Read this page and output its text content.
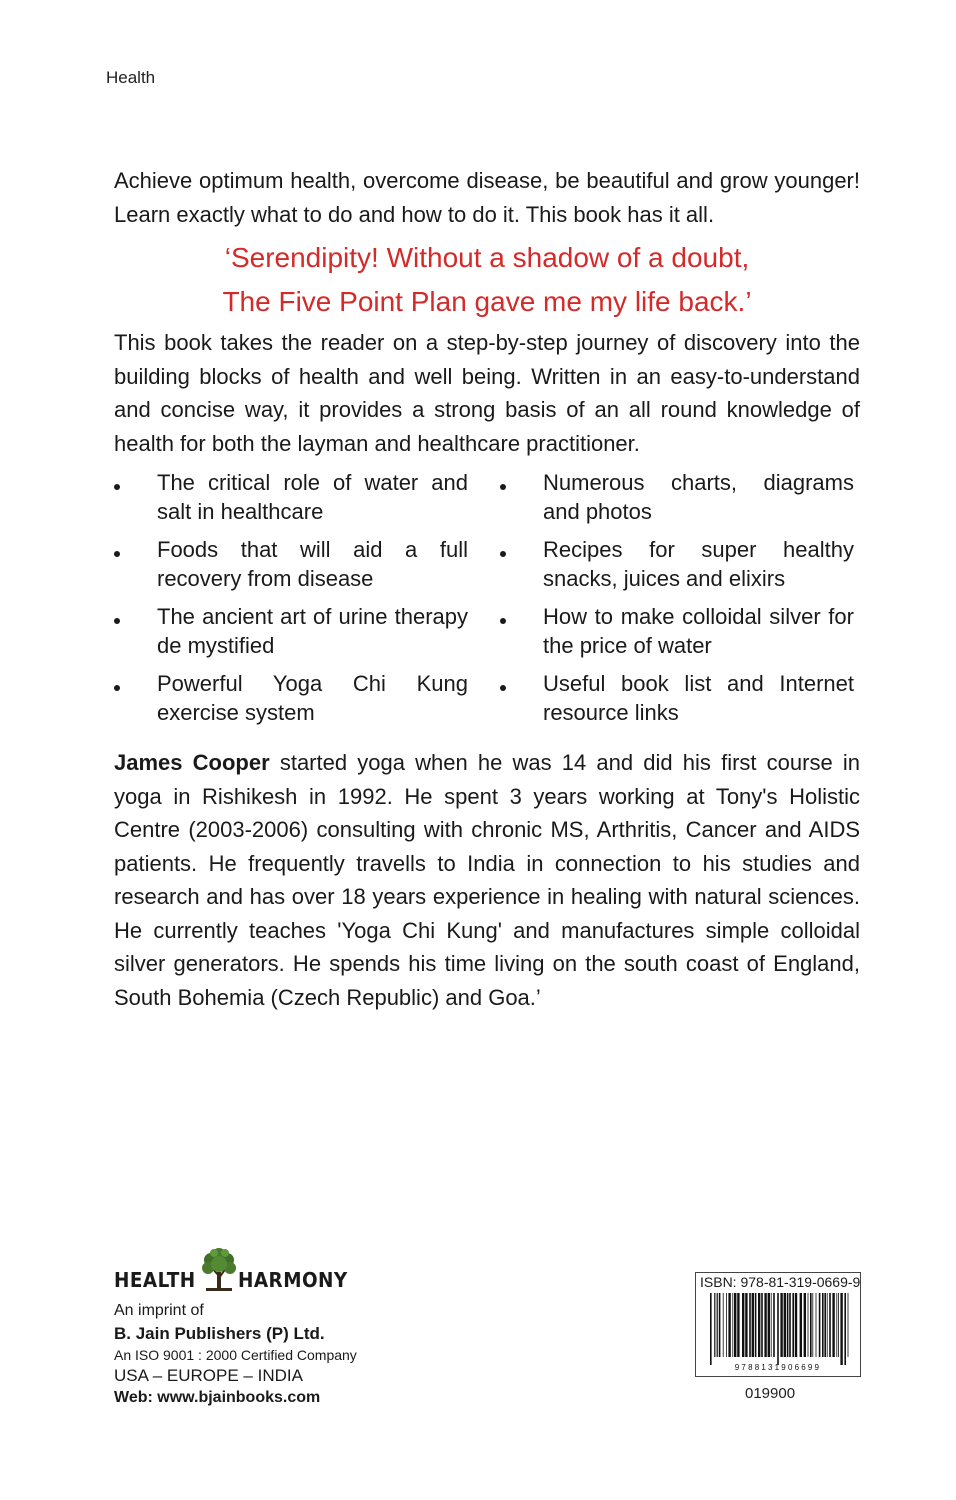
Health
Achieve optimum health, overcome disease, be beautiful and grow younger! Learn exactly what to do and how to do it. This book has it all.
‘Serendipity! Without a shadow of a doubt,
The Five Point Plan gave me my life back.’
This book takes the reader on a step-by-step journey of discovery into the building blocks of health and well being. Written in an easy-to-understand and concise way, it provides a strong basis of an all round knowledge of health for both the layman and healthcare practitioner.
The critical role of water and salt in healthcare
Numerous charts, diagrams and photos
Foods that will aid a full recovery from disease
Recipes for super healthy snacks, juices and elixirs
The ancient art of urine therapy de mystified
How to make colloidal silver for the price of water
Powerful Yoga Chi Kung exercise system
Useful book list and Internet resource links
James Cooper started yoga when he was 14 and did his first course in yoga in Rishikesh in 1992. He spent 3 years working at Tony's Holistic Centre (2003-2006) consulting with chronic MS, Arthritis, Cancer and AIDS patients. He frequently travells to India in connection to his studies and research and has over 18 years experience in healing with natural sciences. He currently teaches 'Yoga Chi Kung' and manufactures simple colloidal silver generators. He spends his time living on the south coast of England, South Bohemia (Czech Republic) and Goa.’
HEALTH HARMONY
An imprint of
B. Jain Publishers (P) Ltd.
An ISO 9001 : 2000 Certified Company
USA – EUROPE – INDIA
Web: www.bjainbooks.com
ISBN: 978-81-319-0669-9
9788131906699
019900
